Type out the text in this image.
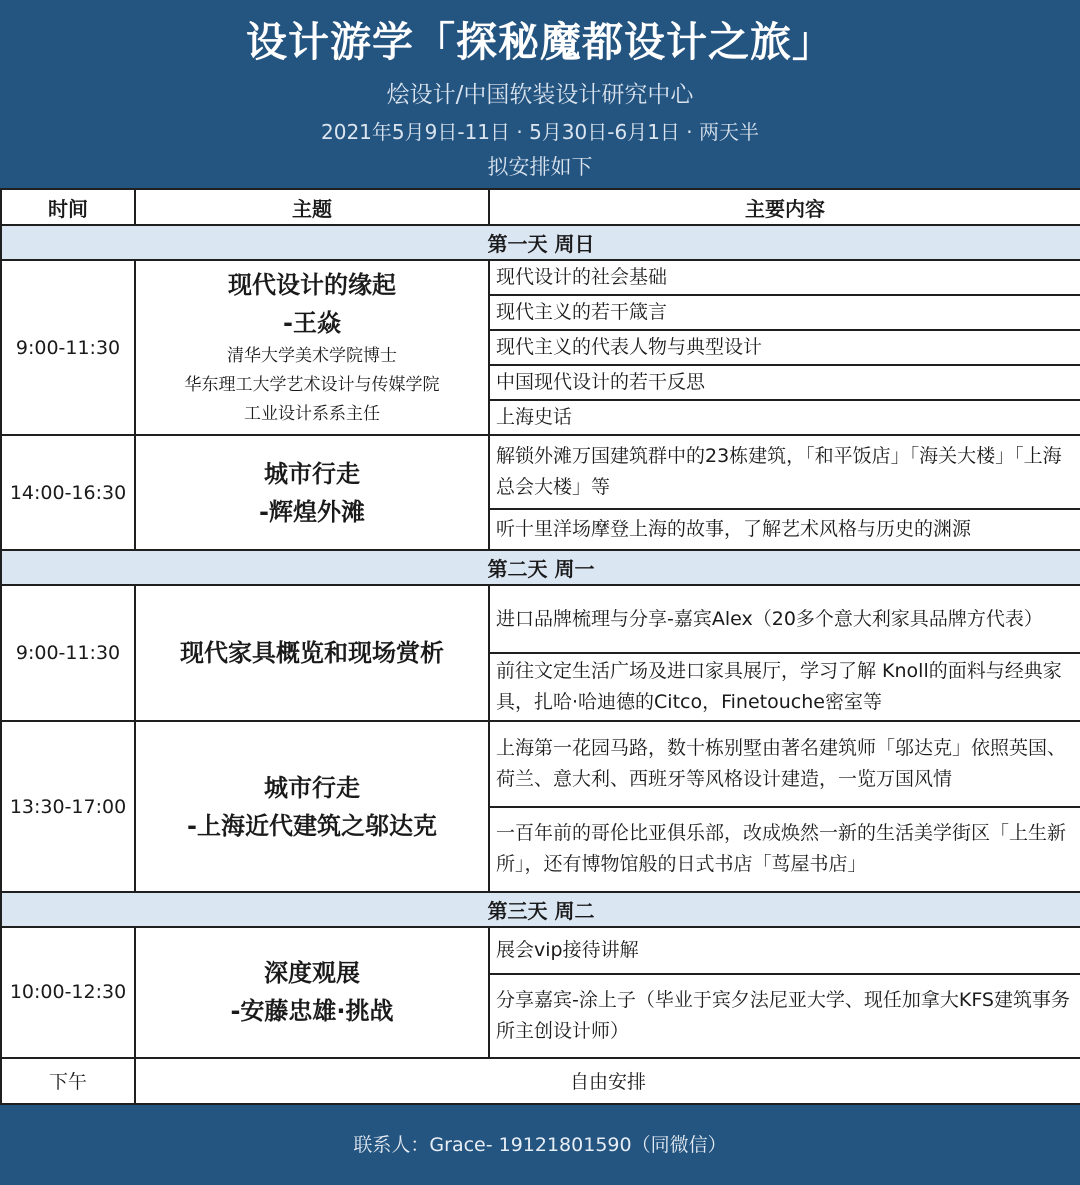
设计游学「探秘魔都设计之旅」
烩设计/中国软装设计研究中心
2021年5月9日-11日 · 5月30日-6月1日 · 两天半
拟安排如下
时间	主题	主要内容
第一天 周日		
9:00-11:30	现代设计的缘起
-王焱
清华大学美术学院博士
华东理工大学艺术设计与传媒学院
工业设计系系主任	现代设计的社会基础
		现代主义的若干箴言
		现代主义的代表人物与典型设计
		中国现代设计的若干反思
		上海史话
14:00-16:30	城市行走
-辉煌外滩	解锁外滩万国建筑群中的23栋建筑，「和平饭店」「海关大楼」「上海总会大楼」等
		听十里洋场摩登上海的故事，了解艺术风格与历史的渊源
第二天 周一		
9:00-11:30	现代家具概览和现场赏析	进口品牌梳理与分享-嘉宾Alex（20多个意大利家具品牌方代表）
		前往文定生活广场及进口家具展厅，学习了解 Knoll的面料与经典家具，扎哈·哈迪德的Citco，Finetouche密室等
13:30-17:00	城市行走
-上海近代建筑之邬达克	上海第一花园马路，数十栋别墅由著名建筑师「邬达克」依照英国、荷兰、意大利、西班牙等风格设计建造，一览万国风情
		一百年前的哥伦比亚俱乐部，改成焕然一新的生活美学街区「上生新所」，还有博物馆般的日式书店「茑屋书店」
第三天 周二		
10:00-12:30	深度观展
-安藤忠雄·挑战	展会vip接待讲解
		分享嘉宾-涂上子（毕业于宾夕法尼亚大学、现任加拿大KFS建筑事务所主创设计师）
下午	自由安排	
联系人：Grace- 19121801590（同微信）
